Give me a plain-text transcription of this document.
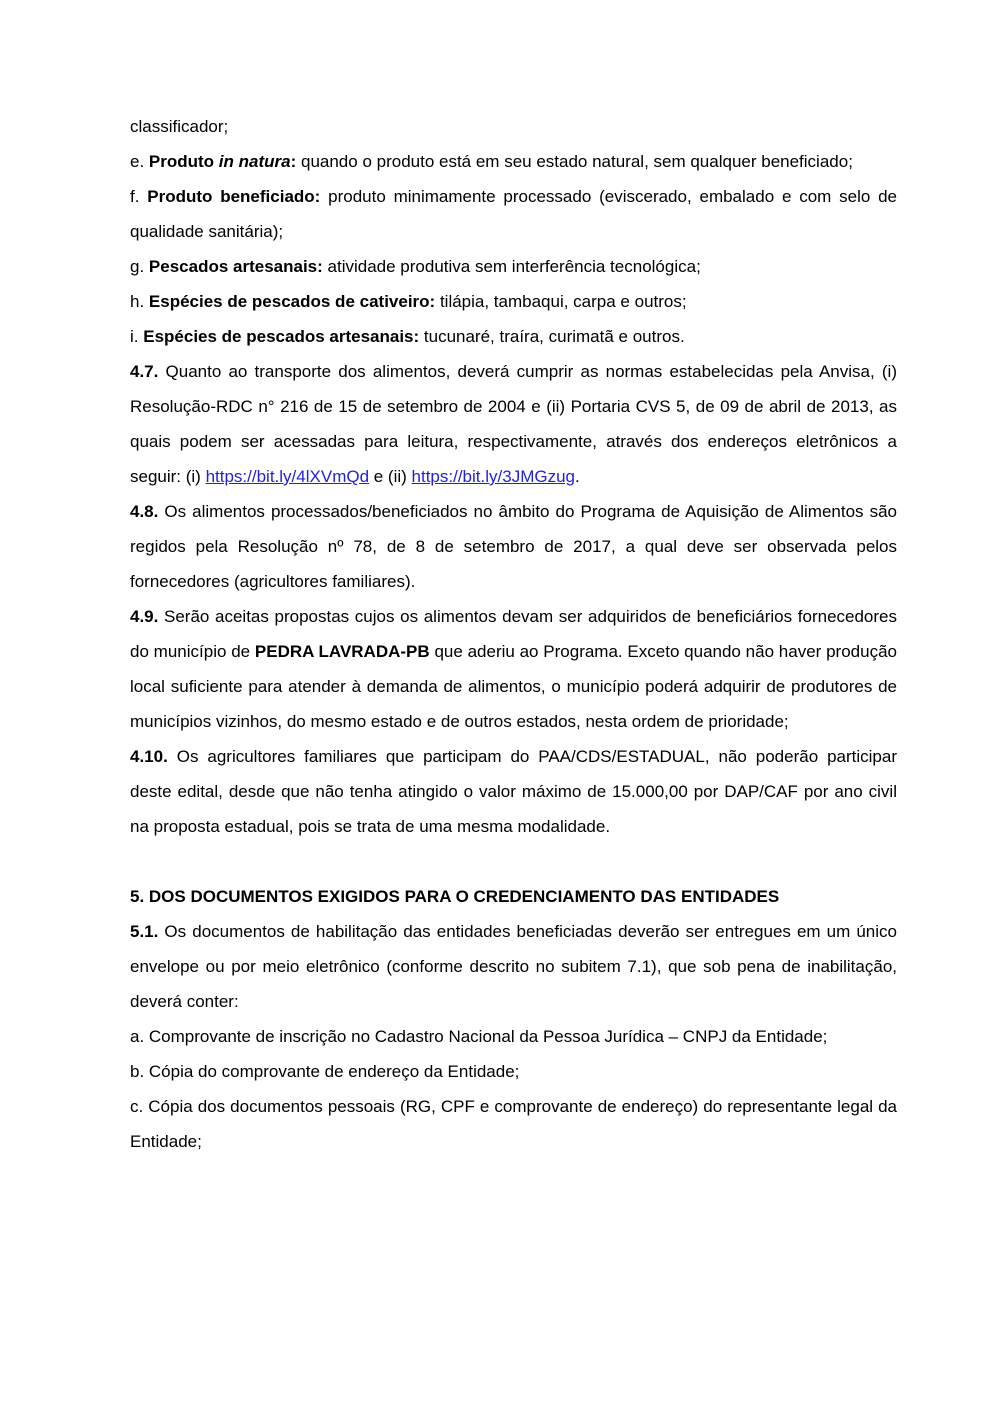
classificador;

e. Produto in natura: quando o produto está em seu estado natural, sem qualquer beneficiado;

f. Produto beneficiado: produto minimamente processado (eviscerado, embalado e com selo de qualidade sanitária);

g. Pescados artesanais: atividade produtiva sem interferência tecnológica;

h. Espécies de pescados de cativeiro: tilápia, tambaqui, carpa e outros;

i. Espécies de pescados artesanais: tucunaré, traíra, curimatã e outros.

4.7. Quanto ao transporte dos alimentos, deverá cumprir as normas estabelecidas pela Anvisa, (i) Resolução-RDC n° 216 de 15 de setembro de 2004 e (ii) Portaria CVS 5, de 09 de abril de 2013, as quais podem ser acessadas para leitura, respectivamente, através dos endereços eletrônicos a seguir: (i) https://bit.ly/4lXVmQd e (ii) https://bit.ly/3JMGzug.

4.8. Os alimentos processados/beneficiados no âmbito do Programa de Aquisição de Alimentos são regidos pela Resolução nº 78, de 8 de setembro de 2017, a qual deve ser observada pelos fornecedores (agricultores familiares).

4.9. Serão aceitas propostas cujos os alimentos devam ser adquiridos de beneficiários fornecedores do município de PEDRA LAVRADA-PB que aderiu ao Programa. Exceto quando não haver produção local suficiente para atender à demanda de alimentos, o município poderá adquirir de produtores de municípios vizinhos, do mesmo estado e de outros estados, nesta ordem de prioridade;

4.10. Os agricultores familiares que participam do PAA/CDS/ESTADUAL, não poderão participar deste edital, desde que não tenha atingido o valor máximo de 15.000,00 por DAP/CAF por ano civil na proposta estadual, pois se trata de uma mesma modalidade.

5. DOS DOCUMENTOS EXIGIDOS PARA O CREDENCIAMENTO DAS ENTIDADES

5.1. Os documentos de habilitação das entidades beneficiadas deverão ser entregues em um único envelope ou por meio eletrônico (conforme descrito no subitem 7.1), que sob pena de inabilitação, deverá conter:

a. Comprovante de inscrição no Cadastro Nacional da Pessoa Jurídica – CNPJ da Entidade;

b. Cópia do comprovante de endereço da Entidade;

c. Cópia dos documentos pessoais (RG, CPF e comprovante de endereço) do representante legal da Entidade;
